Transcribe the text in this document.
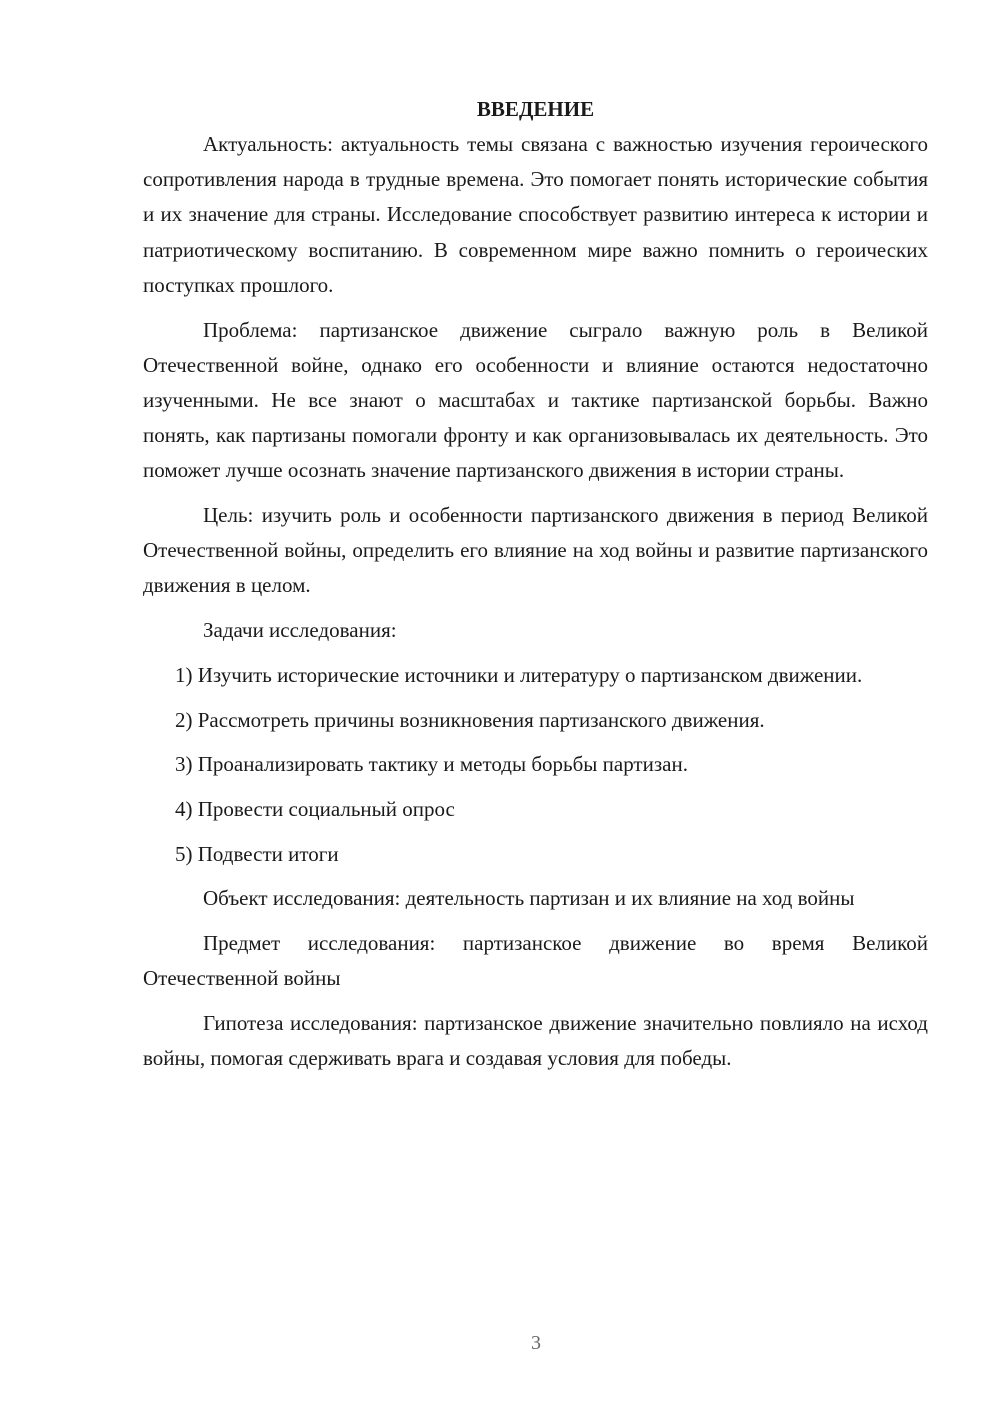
ВВЕДЕНИЕ

Актуальность: актуальность темы связана с важностью изучения героического сопротивления народа в трудные времена. Это помогает понять исторические события и их значение для страны. Исследование способствует развитию интереса к истории и патриотическому воспитанию. В современном мире важно помнить о героических поступках прошлого.

Проблема: партизанское движение сыграло важную роль в Великой Отечественной войне, однако его особенности и влияние остаются недостаточно изученными. Не все знают о масштабах и тактике партизанской борьбы. Важно понять, как партизаны помогали фронту и как организовывалась их деятельность. Это поможет лучше осознать значение партизанского движения в истории страны.

Цель: изучить роль и особенности партизанского движения в период Великой Отечественной войны, определить его влияние на ход войны и развитие партизанского движения в целом.

Задачи исследования:

1) Изучить исторические источники и литературу о партизанском движении.

2) Рассмотреть причины возникновения партизанского движения.

3) Проанализировать тактику и методы борьбы партизан.

4) Провести социальный опрос

5) Подвести итоги

Объект исследования: деятельность партизан и их влияние на ход войны

Предмет исследования: партизанское движение во время Великой Отечественной войны

Гипотеза исследования: партизанское движение значительно повлияло на исход войны, помогая сдерживать врага и создавая условия для победы.

3
